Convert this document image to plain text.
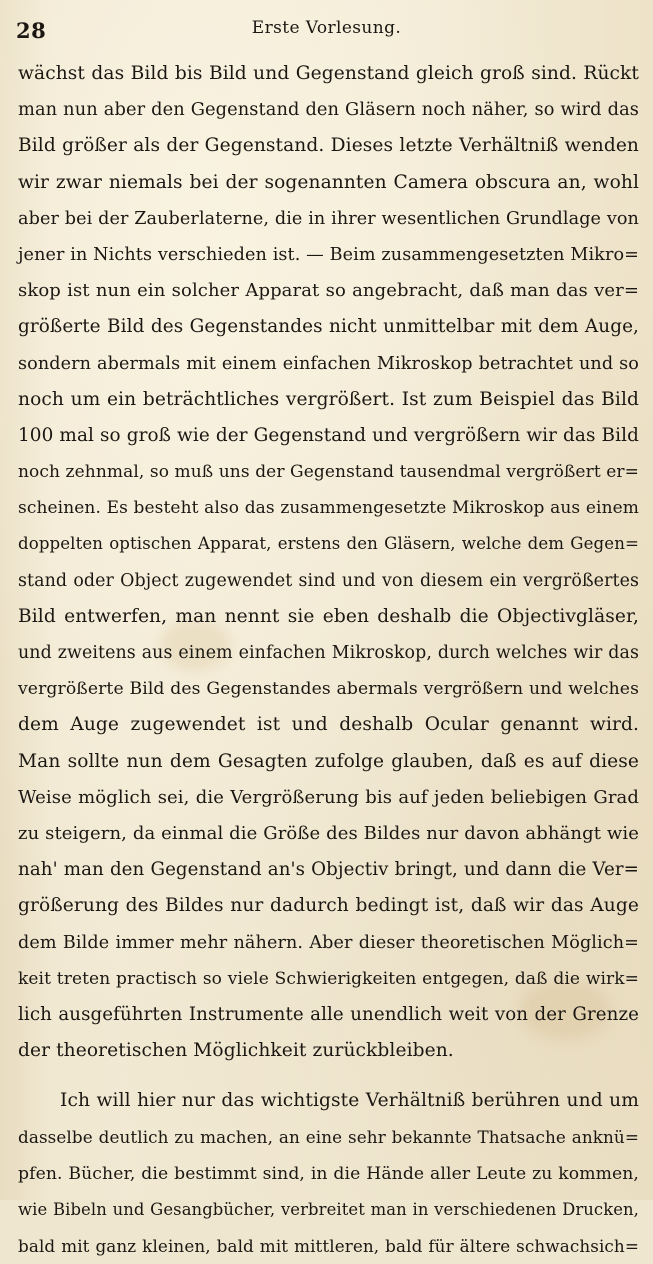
28	Erste Vorlesung.
wächst das Bild bis Bild und Gegenstand gleich groß sind. Rückt
man nun aber den Gegenstand den Gläsern noch näher, so wird das
Bild größer als der Gegenstand. Dieses letzte Verhältniß wenden
wir zwar niemals bei der sogenannten Camera obscura an, wohl
aber bei der Zauberlaterne, die in ihrer wesentlichen Grundlage von
jener in Nichts verschieden ist. — Beim zusammengesetzten Mikro=
skop ist nun ein solcher Apparat so angebracht, daß man das ver=
größerte Bild des Gegenstandes nicht unmittelbar mit dem Auge,
sondern abermals mit einem einfachen Mikroskop betrachtet und so
noch um ein beträchtliches vergrößert. Ist zum Beispiel das Bild
100 mal so groß wie der Gegenstand und vergrößern wir das Bild
noch zehnmal, so muß uns der Gegenstand tausendmal vergrößert er=
scheinen. Es besteht also das zusammengesetzte Mikroskop aus einem
doppelten optischen Apparat, erstens den Gläsern, welche dem Gegen=
stand oder Object zugewendet sind und von diesem ein vergrößertes
Bild entwerfen, man nennt sie eben deshalb die Objectivgläser,
und zweitens aus einem einfachen Mikroskop, durch welches wir das
vergrößerte Bild des Gegenstandes abermals vergrößern und welches
dem Auge zugewendet ist und deshalb Ocular genannt wird.
Man sollte nun dem Gesagten zufolge glauben, daß es auf diese
Weise möglich sei, die Vergrößerung bis auf jeden beliebigen Grad
zu steigern, da einmal die Größe des Bildes nur davon abhängt wie
nah' man den Gegenstand an's Objectiv bringt, und dann die Ver=
größerung des Bildes nur dadurch bedingt ist, daß wir das Auge
dem Bilde immer mehr nähern. Aber dieser theoretischen Möglich=
keit treten practisch so viele Schwierigkeiten entgegen, daß die wirk=
lich ausgeführten Instrumente alle unendlich weit von der Grenze
der theoretischen Möglichkeit zurückbleiben.
Ich will hier nur das wichtigste Verhältniß berühren und um
dasselbe deutlich zu machen, an eine sehr bekannte Thatsache anknü=
pfen. Bücher, die bestimmt sind, in die Hände aller Leute zu kommen,
wie Bibeln und Gesangbücher, verbreitet man in verschiedenen Drucken,
bald mit ganz kleinen, bald mit mittleren, bald für ältere schwachsich=
